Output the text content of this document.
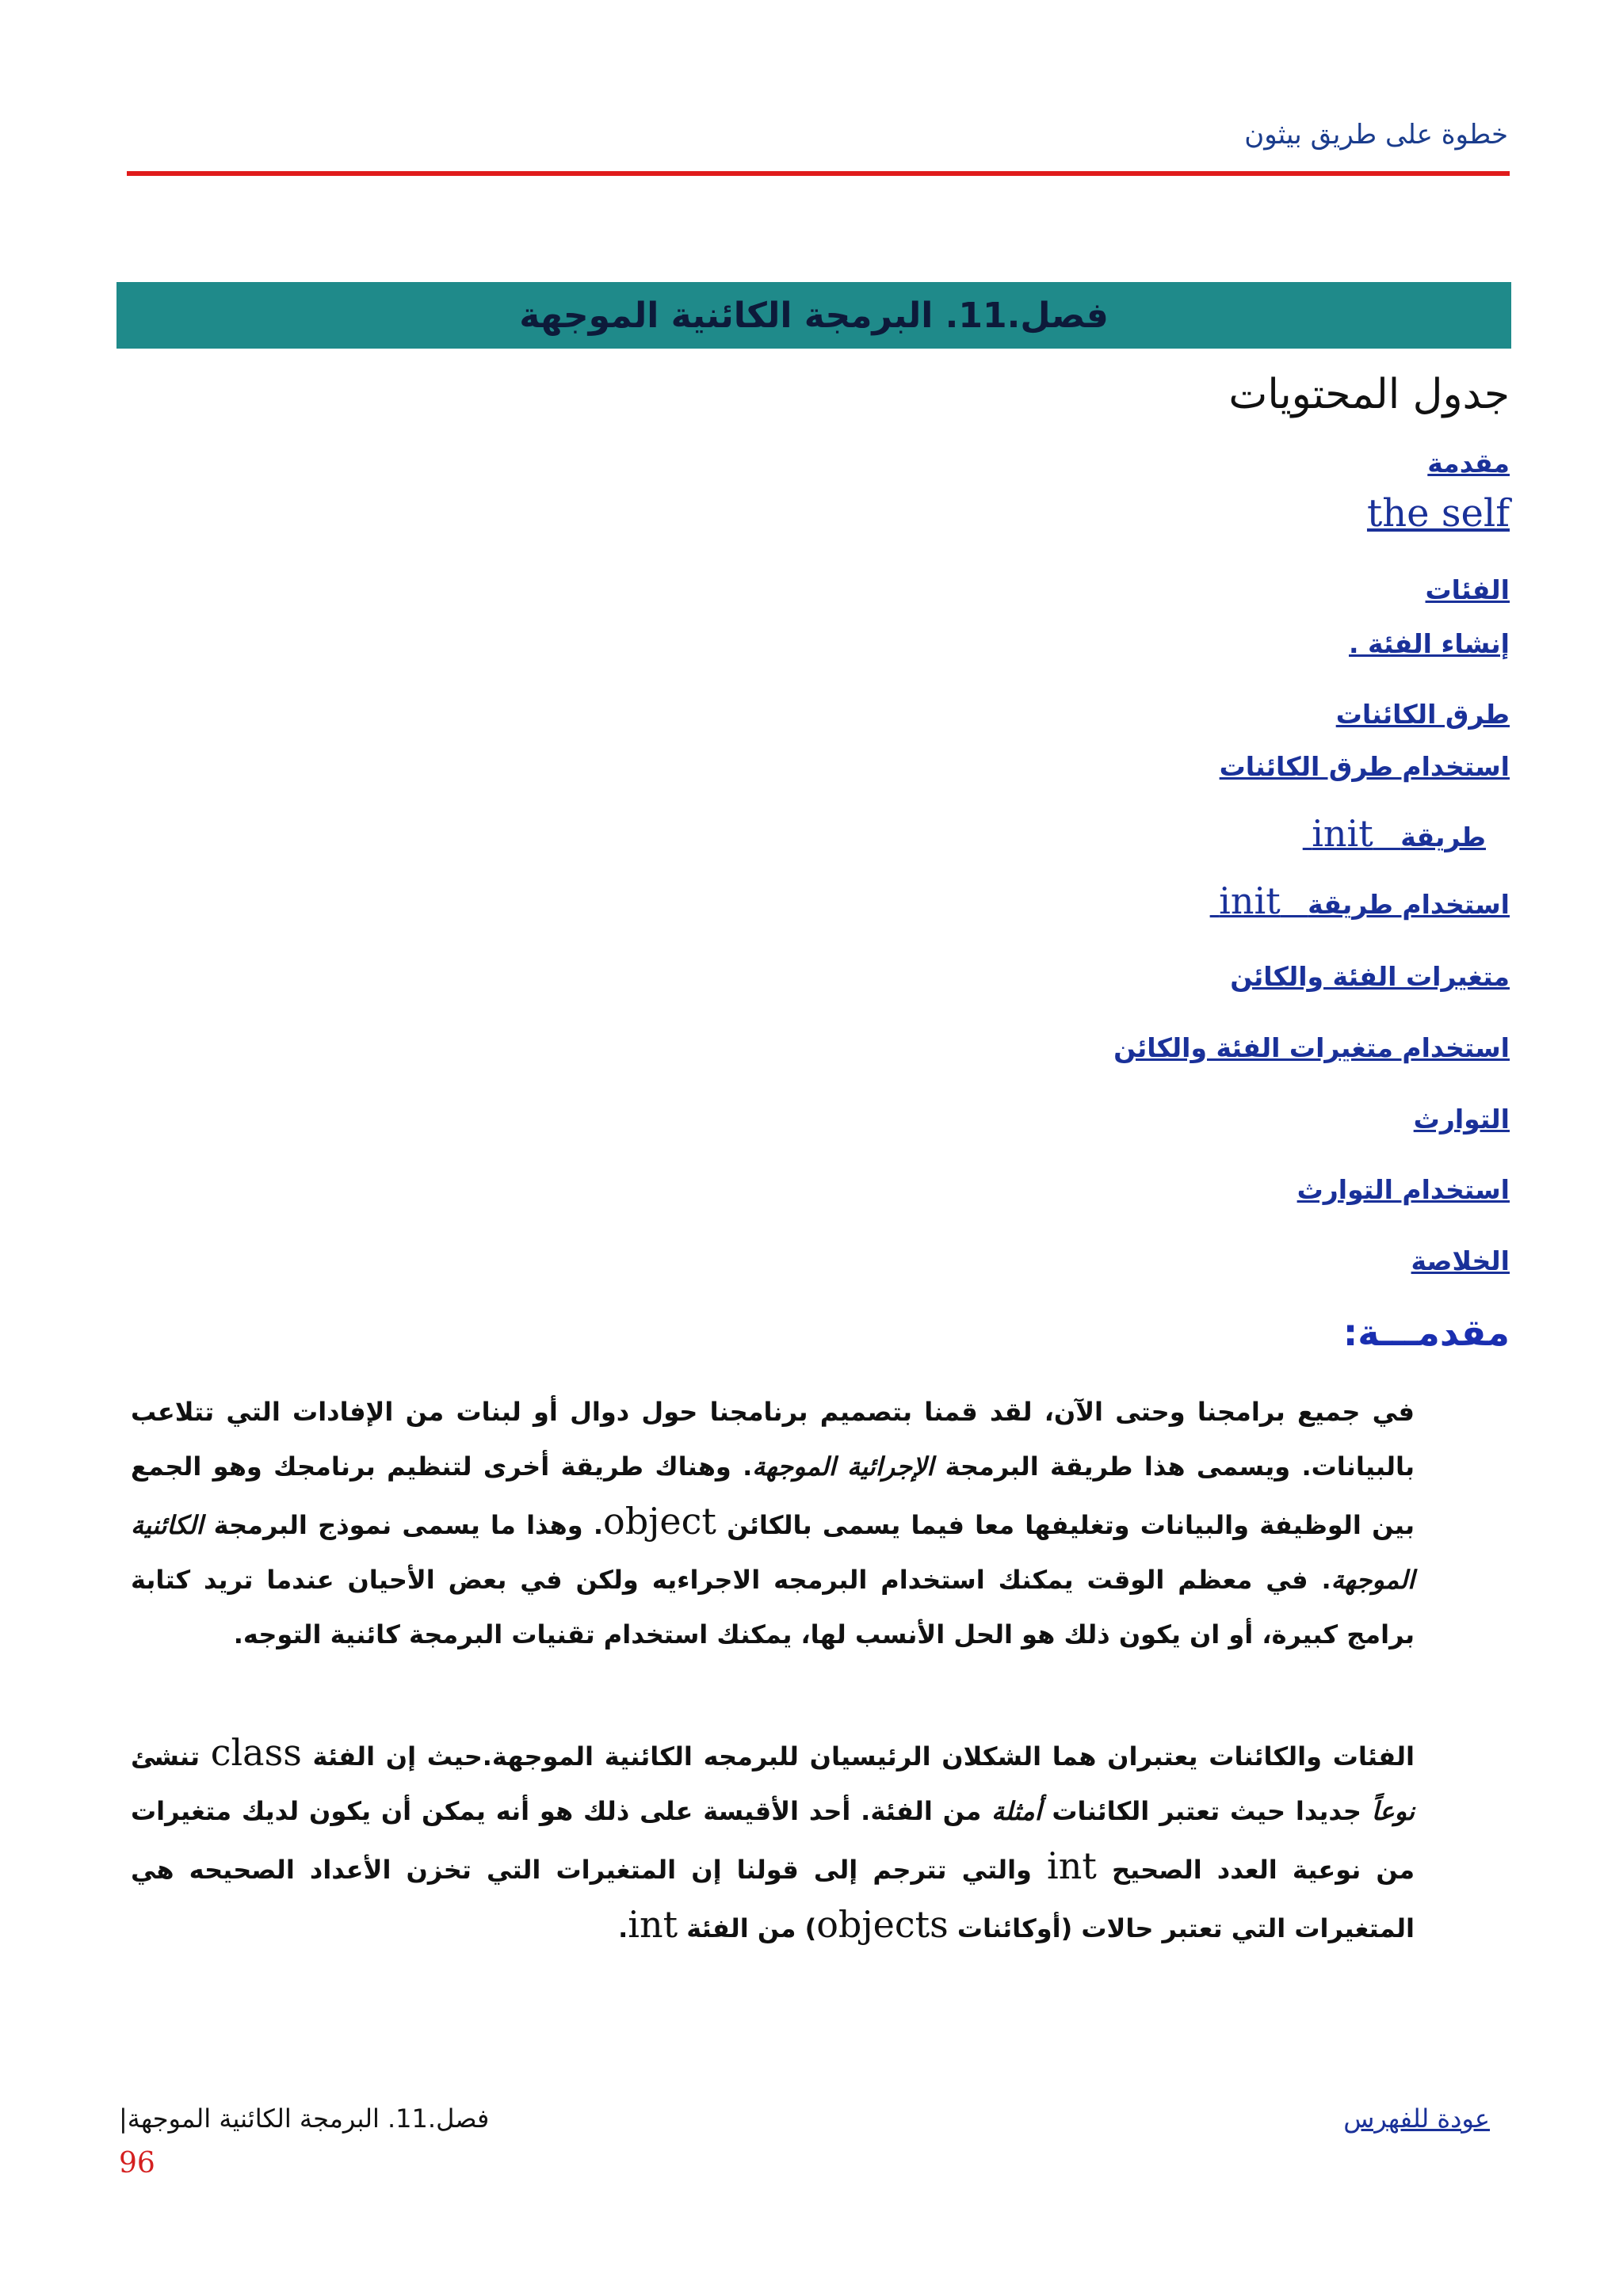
خطوة على طريق بيثون
فصل.11. البرمجة الكائنية الموجهة
جدول المحتويات
مقدمة
the self
الفئات
إنشاء الفئة .
طرق الكائنات
استخدام طرق الكائنات
طريقة   init
استخدام طريقة   init
متغيرات الفئة والكائن
استخدام متغيرات الفئة والكائن
التوارث
استخدام التوارث
الخلاصة
مقدمـــة:
في جميع برامجنا وحتى الآن، لقد قمنا بتصميم برنامجنا حول دوال أو لبنات من الإفادات التي تتلاعب بالبيانات. ويسمى هذا طريقة البرمجة الإجرائية الموجهة. وهناك طريقة أخرى لتنظيم برنامجك وهو الجمع بين الوظيفة والبيانات وتغليفها معا فيما يسمى بالكائن object. وهذا ما يسمى نموذج البرمجة الكائنية الموجهة. في معظم الوقت يمكنك استخدام البرمجه الاجراءيه ولكن في بعض الأحيان عندما تريد كتابة برامج كبيرة، أو ان يكون ذلك هو الحل الأنسب لها، يمكنك استخدام تقنيات البرمجة كائنية التوجه.
الفئات والكائنات يعتبران هما الشكلان الرئيسيان للبرمجه الكائنية الموجهة.حيث إن الفئة class تنشئ نوعاً جديدا حيث تعتبر الكائنات أمثلة من الفئة. أحد الأقيسة على ذلك هو أنه يمكن أن يكون لديك متغيرات من نوعية العدد الصحيح int والتي تترجم إلى قولنا إن المتغيرات التي تخزن الأعداد الصحيحه هي المتغيرات التي تعتبر حالات (أوكائنات objects) من الفئة int.
فصل.11. البرمجة الكائنية الموجهة|
96
عودة للفهرس
